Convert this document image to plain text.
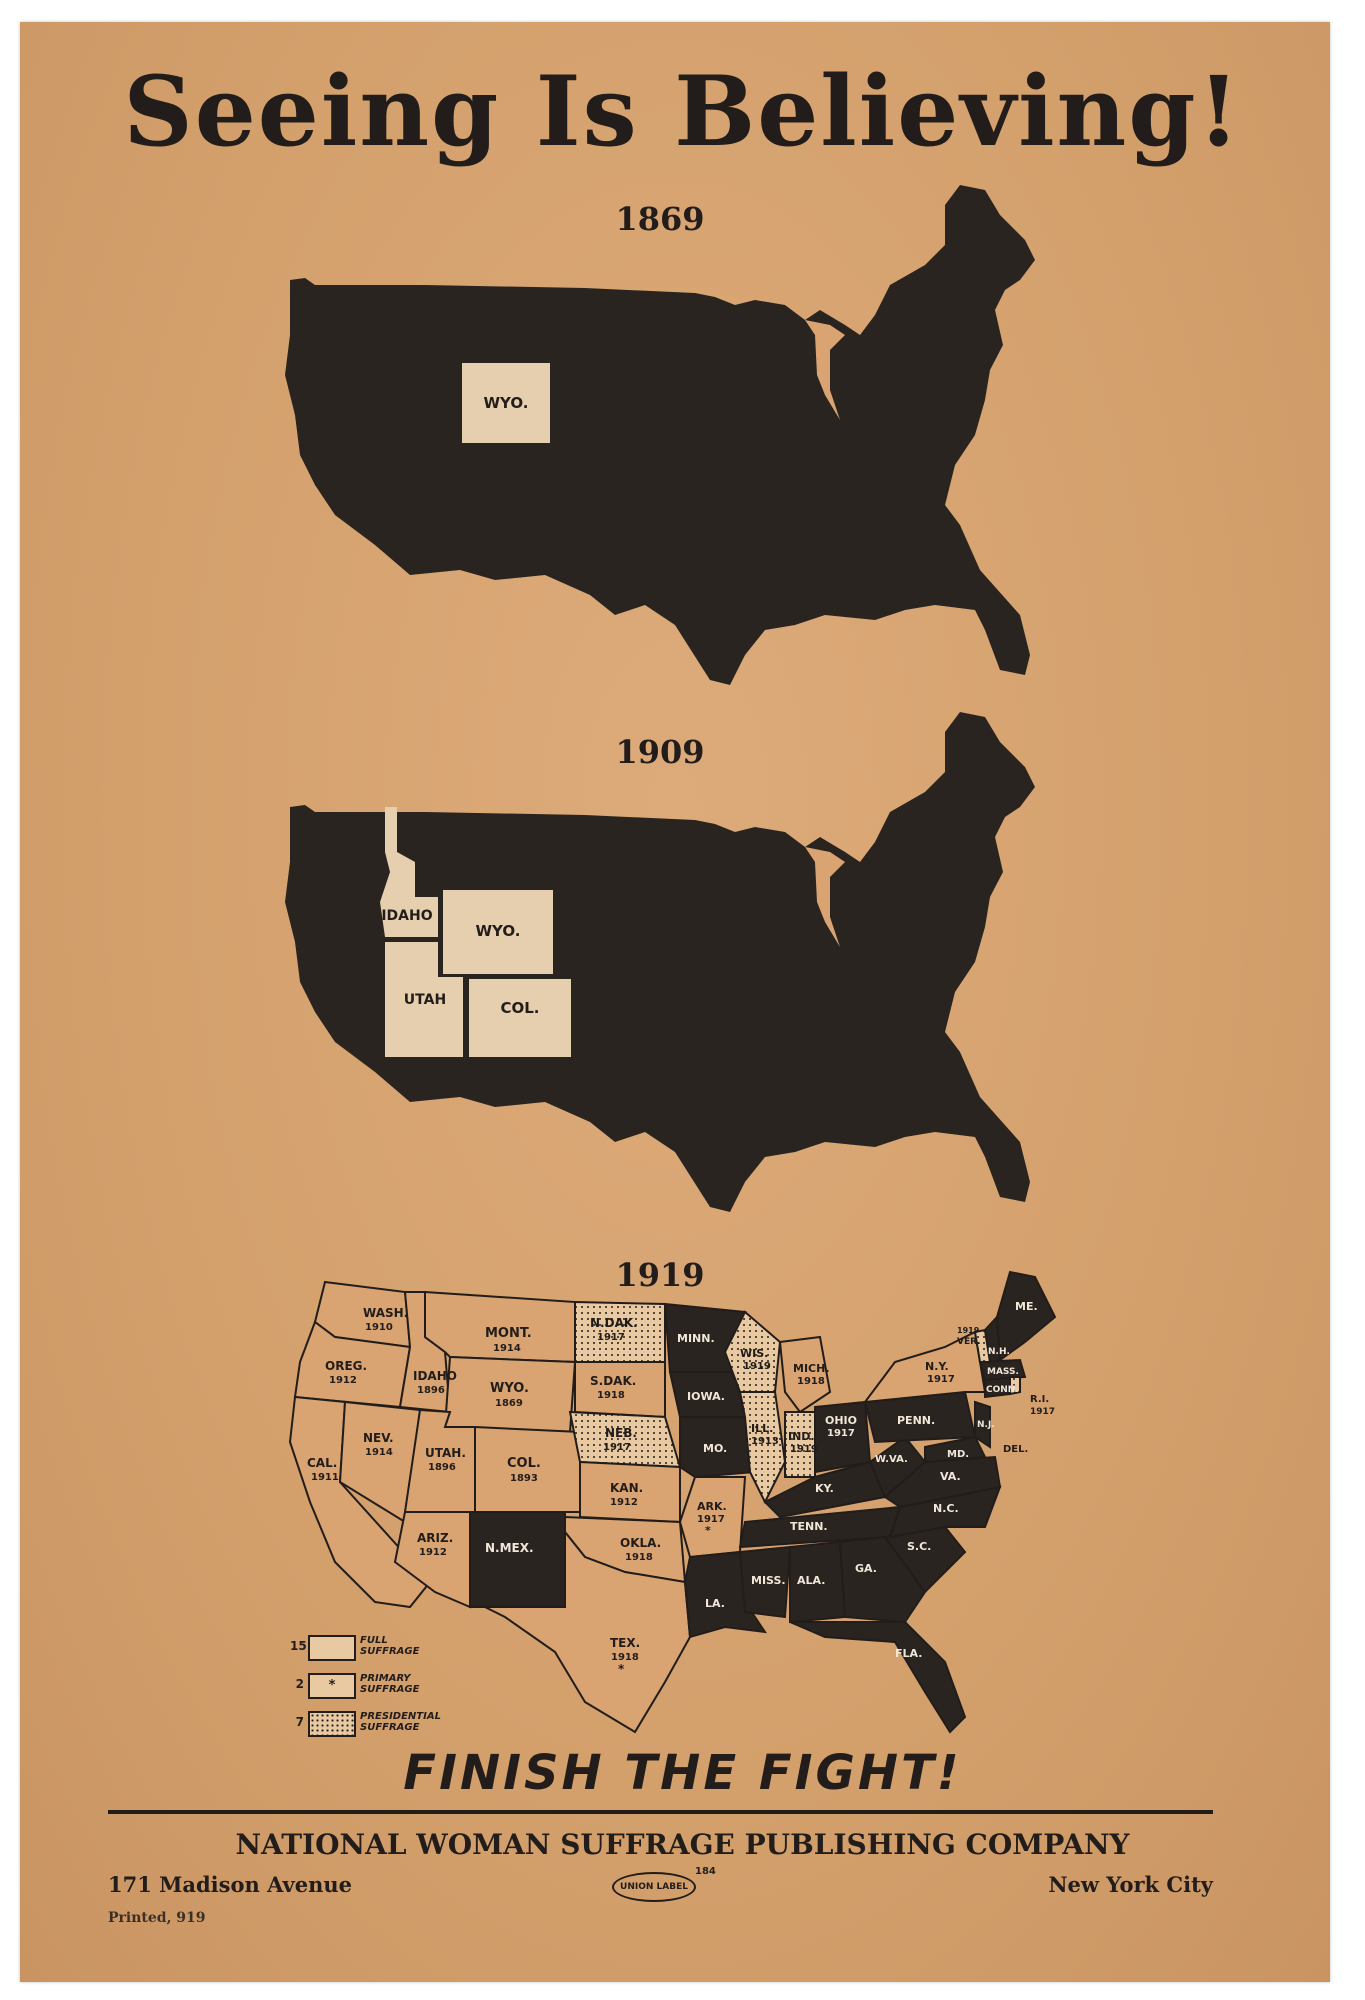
Seeing Is Believing!
1869
WYO.
1909
IDAHO
WYO.
UTAH	COL.
1919
WASH. 1910
OREG. 1912
CAL. 1911
IDAHO 1896
NEV. 1914
MONT. 1914
WYO. 1869
UTAH. 1896	COL. 1893
ARIZ. 1912	N.MEX.
N.DAK. 1917
S.DAK. 1918
NEB. 1917
KAN. 1912
OKLA. 1918
TEX. 1918 *
MINN.
IOWA.
MO.
ARK. 1917 *
LA.
WIS. 1919
ILL. 1913
MICH. 1918
IND. 1919
OHIO 1917
KY.
TENN.
MISS. ALA.
GA.
FLA.
S.C.
N.C.
VA.
W.VA.
PENN.
N.Y. 1917
MD.	DEL.
N.J.
CONN.
MASS.
R.I. 1917
VER.1919
N.H.
ME.
15	FULL SUFFRAGE
2	*	PRIMARY SUFFRAGE
7	PRESIDENTIAL SUFFRAGE
FINISH THE FIGHT!
NATIONAL WOMAN SUFFRAGE PUBLISHING COMPANY
171 Madison Avenue	UNION LABEL
184
New York City
Printed, 919
